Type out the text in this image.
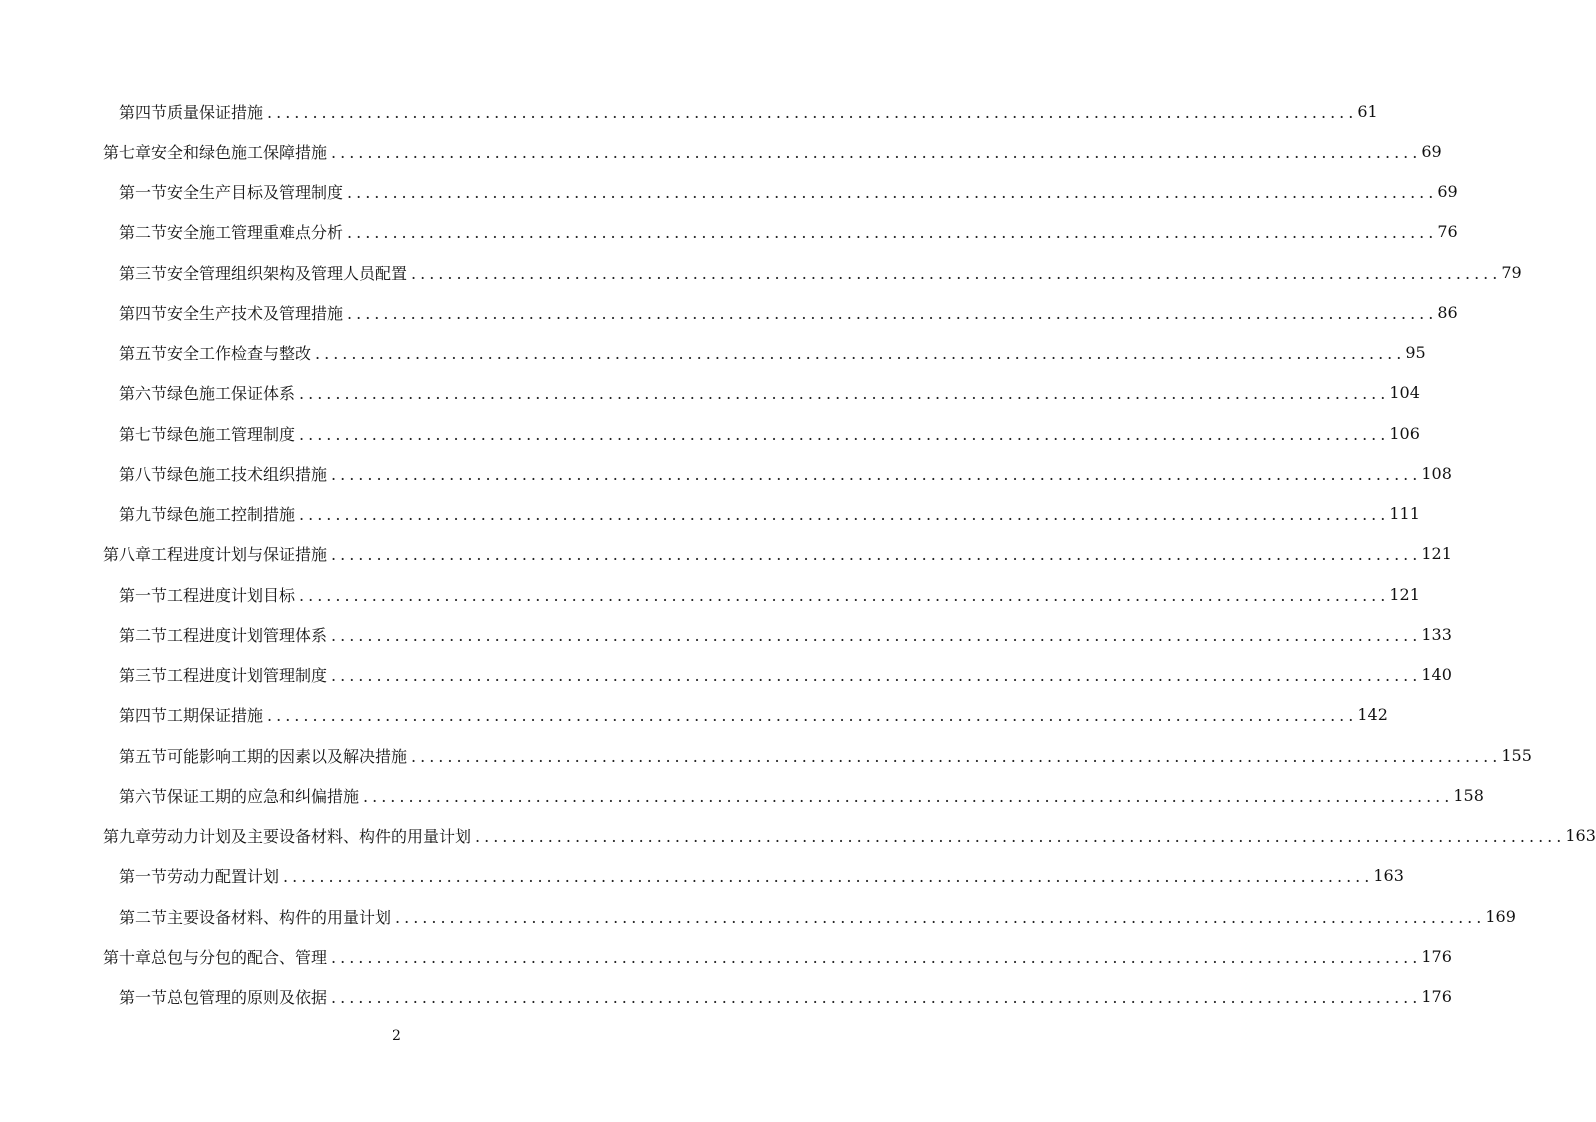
第四节 质量保证措施 ........................................................................................................................ 61
第七章 安全和绿色施工保障措施 ........................................................................................................................ 69
第一节 安全生产目标及管理制度 ........................................................................................................................ 69
第二节 安全施工管理重难点分析 ........................................................................................................................ 76
第三节 安全管理组织架构及管理人员配置 ........................................................................................................................ 79
第四节 安全生产技术及管理措施 ........................................................................................................................ 86
第五节 安全工作检查与整改 ........................................................................................................................ 95
第六节 绿色施工保证体系 ........................................................................................................................ 104
第七节 绿色施工管理制度 ........................................................................................................................ 106
第八节 绿色施工技术组织措施 ........................................................................................................................ 108
第九节 绿色施工控制措施 ........................................................................................................................ 111
第八章 工程进度计划与保证措施 ........................................................................................................................ 121
第一节 工程进度计划目标 ........................................................................................................................ 121
第二节 工程进度计划管理体系 ........................................................................................................................ 133
第三节 工程进度计划管理制度 ........................................................................................................................ 140
第四节 工期保证措施 ........................................................................................................................ 142
第五节 可能影响工期的因素以及解决措施 ........................................................................................................................ 155
第六节 保证工期的应急和纠偏措施 ........................................................................................................................ 158
第九章 劳动力计划及主要设备材料、构件的用量计划 ........................................................................................................................ 163
第一节 劳动力配置计划 ........................................................................................................................ 163
第二节 主要设备材料、构件的用量计划 ........................................................................................................................ 169
第十章 总包与分包的配合、管理 ........................................................................................................................ 176
第一节 总包管理的原则及依据 ........................................................................................................................ 176
2
